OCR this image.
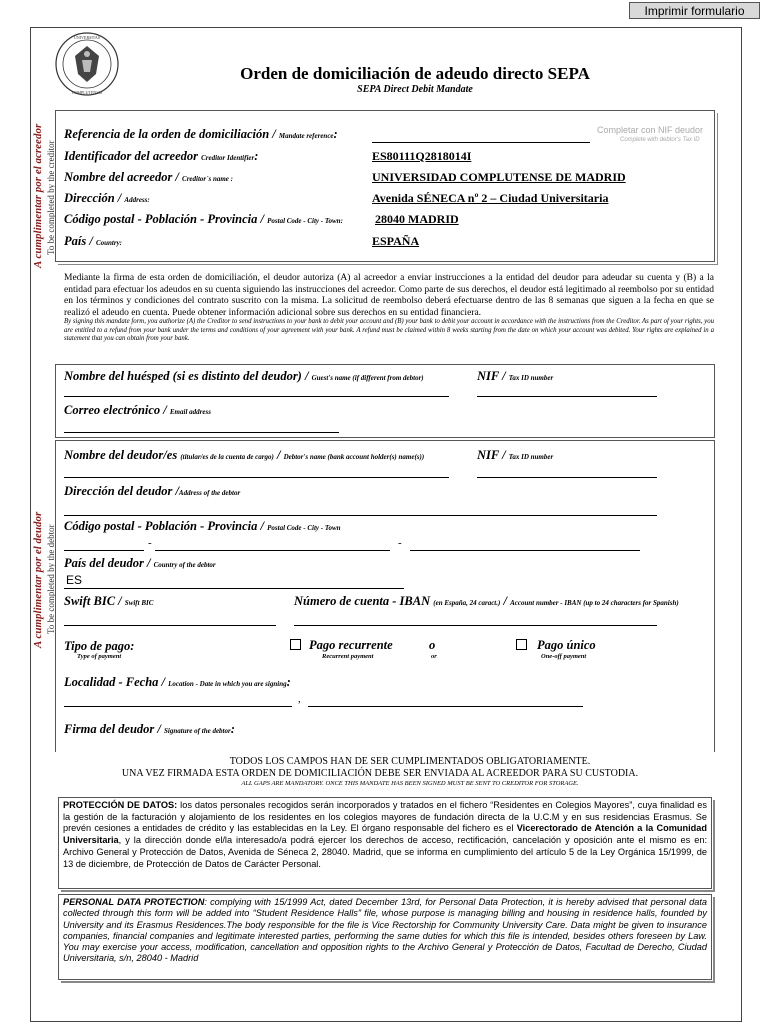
Imprimir formulario
UNIVERSITAS
COMPLUTENSIS
Orden de domiciliación de adeudo directo SEPA
SEPA Direct Debit Mandate
A cumplimentar por el acreedor To be completed by the creditor
Referencia de la orden de domiciliación / Mandate reference:	Completar con NIF deudor
Complete with debtor's Tax ID
Identificador del acreedor Creditor Identifier:	ES80111Q2818014I
Nombre del acreedor / Creditor´s name :	UNIVERSIDAD COMPLUTENSE DE MADRID
Dirección / Address:	Avenida SÉNECA nº 2 – Ciudad Universitaria
Código postal - Población - Provincia / Postal Code - City - Town:	28040 MADRID
País / Country:	ESPAÑA
Mediante la firma de esta orden de domiciliación, el deudor autoriza (A) al acreedor a enviar instrucciones a la entidad del deudor para adeudar su cuenta y (B) a la entidad para efectuar los adeudos en su cuenta siguiendo las instrucciones del acreedor. Como parte de sus derechos, el deudor está legitimado al reembolso por su entidad en los términos y condiciones del contrato suscrito con la misma. La solicitud de reembolso deberá efectuarse dentro de las 8 semanas que siguen a la fecha en que se realizó el adeudo en cuenta. Puede obtener información adicional sobre sus derechos en su entidad financiera.
By signing this mandate form, you authorize (A) the Creditor to send instructions to your bank to debit your account and (B) your bank to debit your account in accordance with the instructions from the Creditor. As part of your rights, you are entitled to a refund from your bank under the terms and conditions of your agreement with your bank. A refund must be claimed within 8 weeks starting from the date on which your account was debited. Your rights are explained in a statement that you can obtain from your bank.
Nombre del huésped (si es distinto del deudor) / Guest's name (if different from debtor)	NIF / Tax ID number
Correo electrónico / Email address
A cumplimentar por el deudor To be completed by the debtor
Nombre del deudor/es (titular/es de la cuenta de cargo) / Debtor's name (bank account holder(s) name(s))	NIF / Tax ID number
Dirección del deudor /Address of the debtor
Código postal - Población - Provincia / Postal Code - City - Town
-	-
País del deudor / Country of the debtor
ES
Swift BIC / Swift BIC	Número de cuenta - IBAN (en España, 24 caract.) / Account number - IBAN (up to 24 characters for Spanish)
Tipo de pago:
Type of payment
Pago recurrente
Recurrent payment
o
or
Pago único
One-off payment
Localidad - Fecha / Location - Date in which you are signing:
,
Firma del deudor / Signature of the debtor:
TODOS LOS CAMPOS HAN DE SER CUMPLIMENTADOS OBLIGATORIAMENTE.
UNA VEZ FIRMADA ESTA ORDEN DE DOMICILIACIÓN DEBE SER ENVIADA AL ACREEDOR PARA SU CUSTODIA.
ALL GAPS ARE MANDATORY. ONCE THIS MANDATE HAS BEEN SIGNED MUST BE SENT TO CREDITOR FOR STORAGE.
PROTECCIÓN DE DATOS: los datos personales recogidos serán incorporados y tratados en el fichero “Residentes en Colegios Mayores”, cuya finalidad es la gestión de la facturación y alojamiento de los residentes en los colegios mayores de fundación directa de la U.C.M y en sus residencias Erasmus. Se prevén cesiones a entidades de crédito y las establecidas en la Ley. El órgano responsable del fichero es el Vicerectorado de Atención a la Comunidad Universitaria, y la dirección donde el/la interesado/a podrá ejercer los derechos de acceso, rectificación, cancelación y oposición ante el mismo es en: Archivo General y Protección de Datos, Avenida de Séneca 2, 28040. Madrid, que se informa en cumplimiento del artículo 5 de la Ley Orgánica 15/1999, de 13 de diciembre, de Protección de Datos de Carácter Personal.
PERSONAL DATA PROTECTION: complying with 15/1999 Act, dated December 13rd, for Personal Data Protection, it is hereby advised that personal data collected through this form will be added into “Student Residence Halls” file, whose purpose is managing billing and housing in residence halls, founded by University and its Erasmus Residences.The body responsible for the file is Vice Rectorship for Community University Care. Data might be given to insurance companies, financial companies and legitimate interested parties, performing the same duties for which this file is intended, besides others foreseen by Law. You may exercise your access, modification, cancellation and opposition rights to the Archivo General y Protección de Datos, Facultad de Derecho, Ciudad Universitaria, s/n, 28040 - Madrid
